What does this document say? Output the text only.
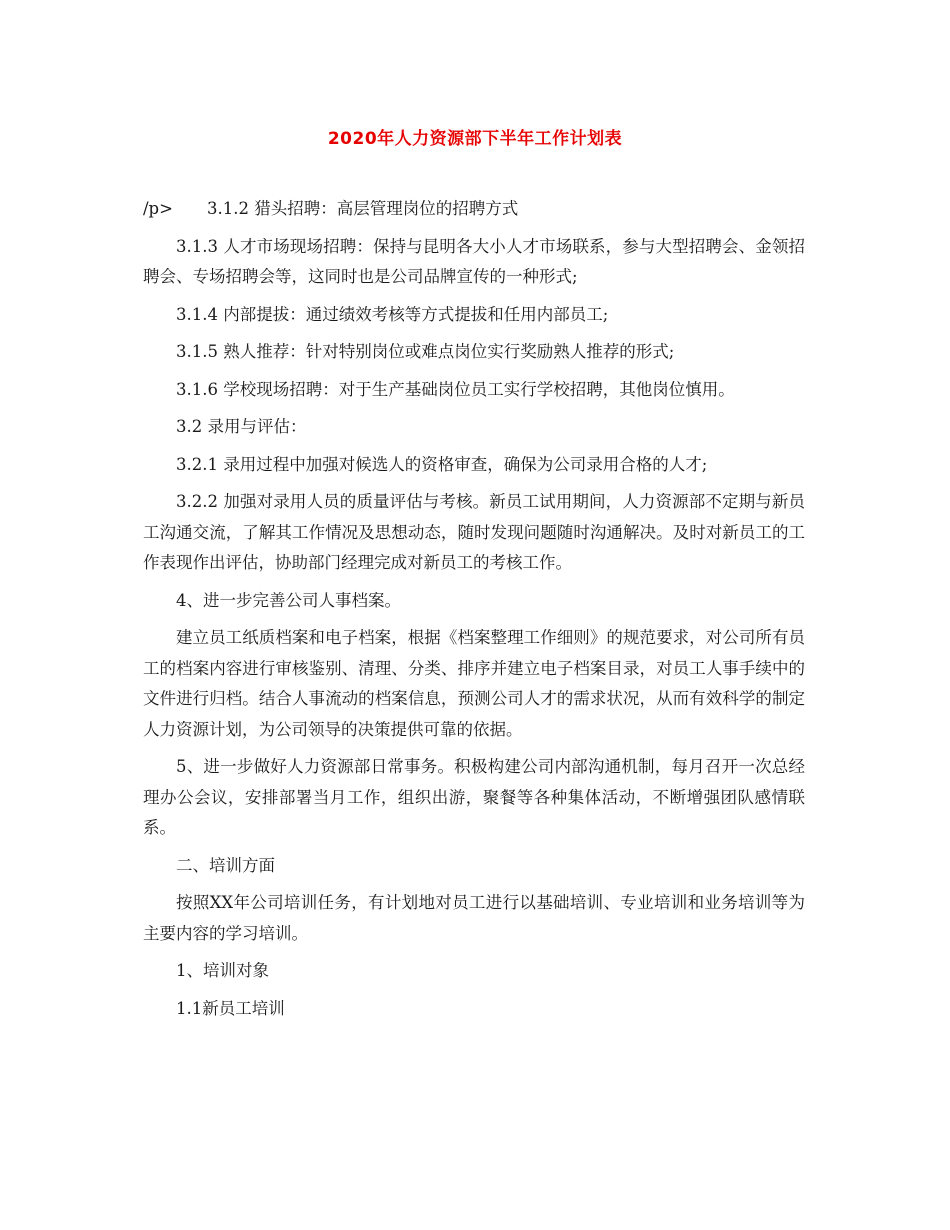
2020年人力资源部下半年工作计划表

/p> 3.1.2 猎头招聘：高层管理岗位的招聘方式

3.1.3 人才市场现场招聘：保持与昆明各大小人才市场联系，参与大型招聘会、金领招聘会、专场招聘会等，这同时也是公司品牌宣传的一种形式;

3.1.4 内部提拔：通过绩效考核等方式提拔和任用内部员工;

3.1.5 熟人推荐：针对特别岗位或难点岗位实行奖励熟人推荐的形式;

3.1.6 学校现场招聘：对于生产基础岗位员工实行学校招聘，其他岗位慎用。

3.2 录用与评估：

3.2.1 录用过程中加强对候选人的资格审查，确保为公司录用合格的人才;

3.2.2 加强对录用人员的质量评估与考核。新员工试用期间，人力资源部不定期与新员工沟通交流，了解其工作情况及思想动态，随时发现问题随时沟通解决。及时对新员工的工作表现作出评估，协助部门经理完成对新员工的考核工作。

4、进一步完善公司人事档案。

建立员工纸质档案和电子档案，根据《档案整理工作细则》的规范要求，对公司所有员工的档案内容进行审核鉴别、清理、分类、排序并建立电子档案目录，对员工人事手续中的文件进行归档。结合人事流动的档案信息，预测公司人才的需求状况，从而有效科学的制定人力资源计划，为公司领导的决策提供可靠的依据。

5、进一步做好人力资源部日常事务。积极构建公司内部沟通机制，每月召开一次总经理办公会议，安排部署当月工作，组织出游，聚餐等各种集体活动，不断增强团队感情联系。

二、培训方面

按照XX年公司培训任务，有计划地对员工进行以基础培训、专业培训和业务培训等为主要内容的学习培训。

1、培训对象

1.1新员工培训
